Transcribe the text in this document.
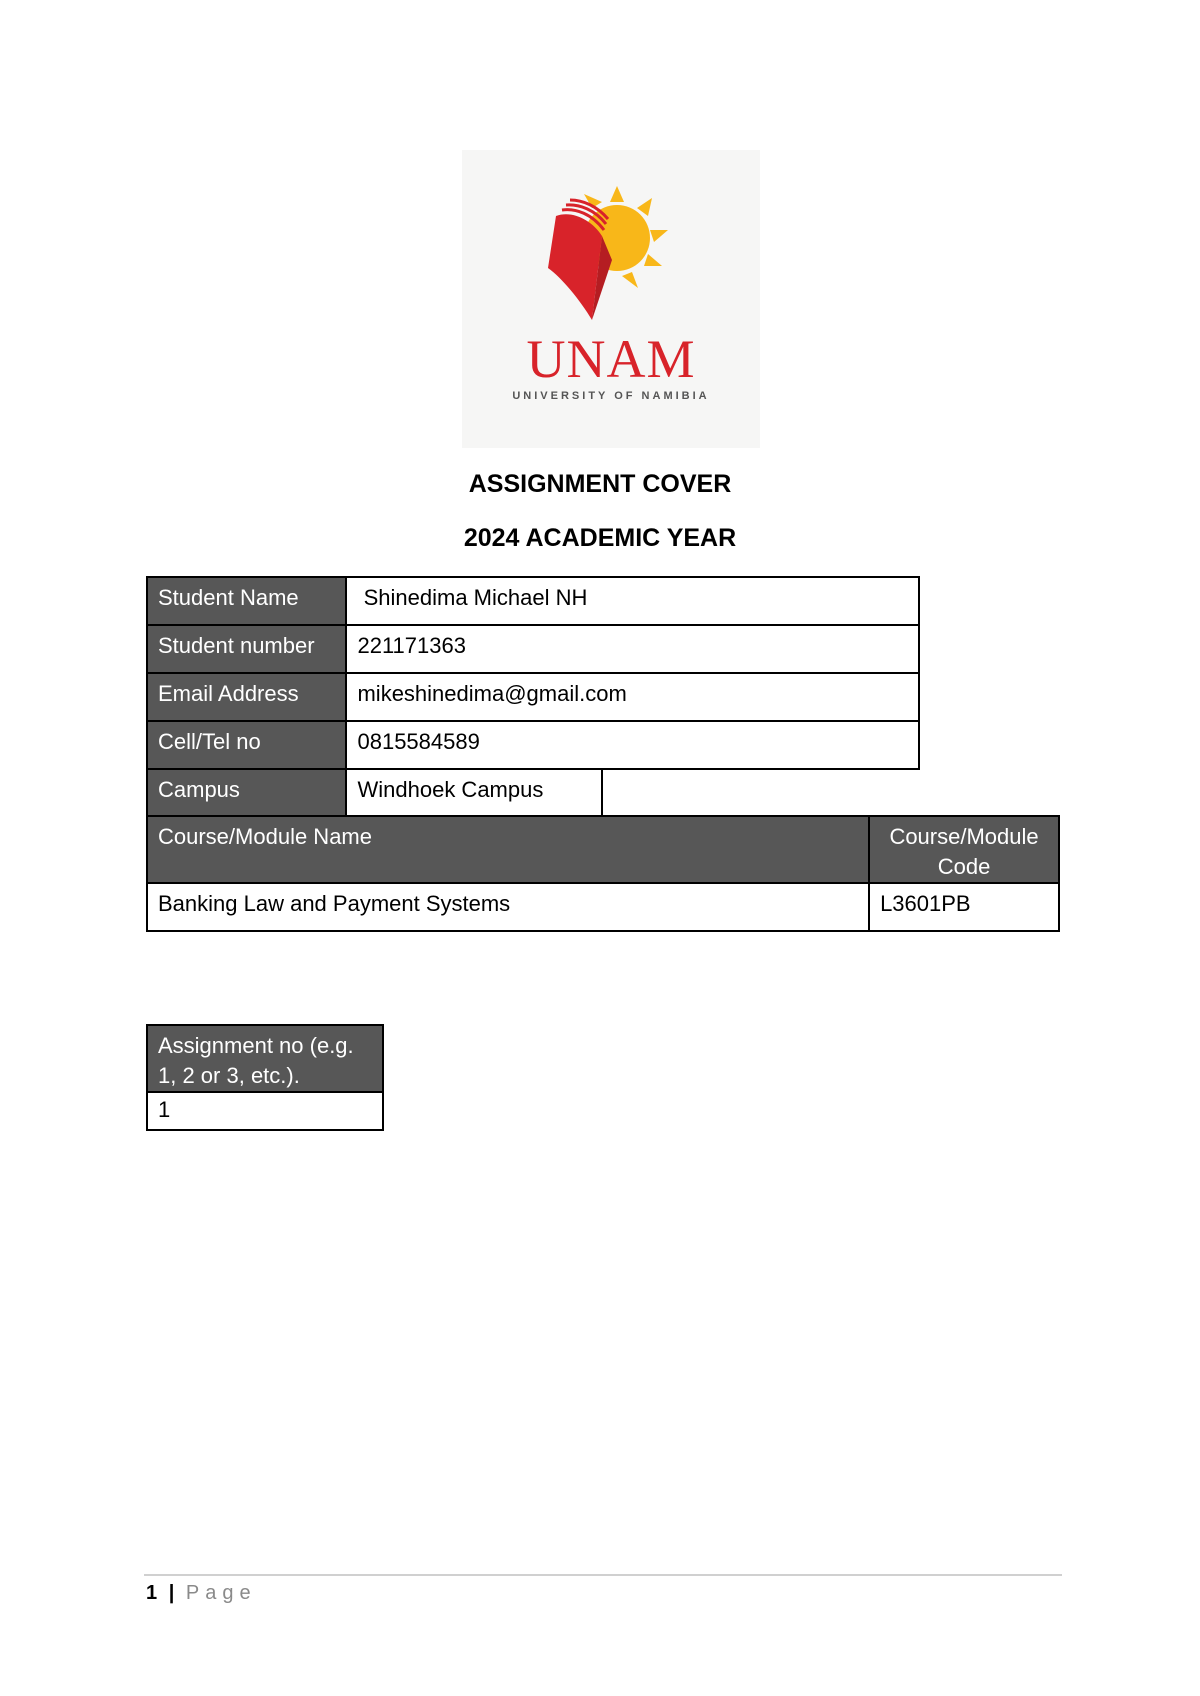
UNAM
UNIVERSITY OF NAMIBIA
ASSIGNMENT COVER
2024 ACADEMIC YEAR
Student Name	Shinedima Michael NH	
Student number	221171363	
Email Address	mikeshinedima@gmail.com	
Cell/Tel no	0815584589	
Campus	Windhoek Campus	
Course/Module Name	Course/Module Code
Banking Law and Payment Systems	L3601PB
Assignment no (e.g. 1, 2 or 3, etc.).
1
1 | Page
